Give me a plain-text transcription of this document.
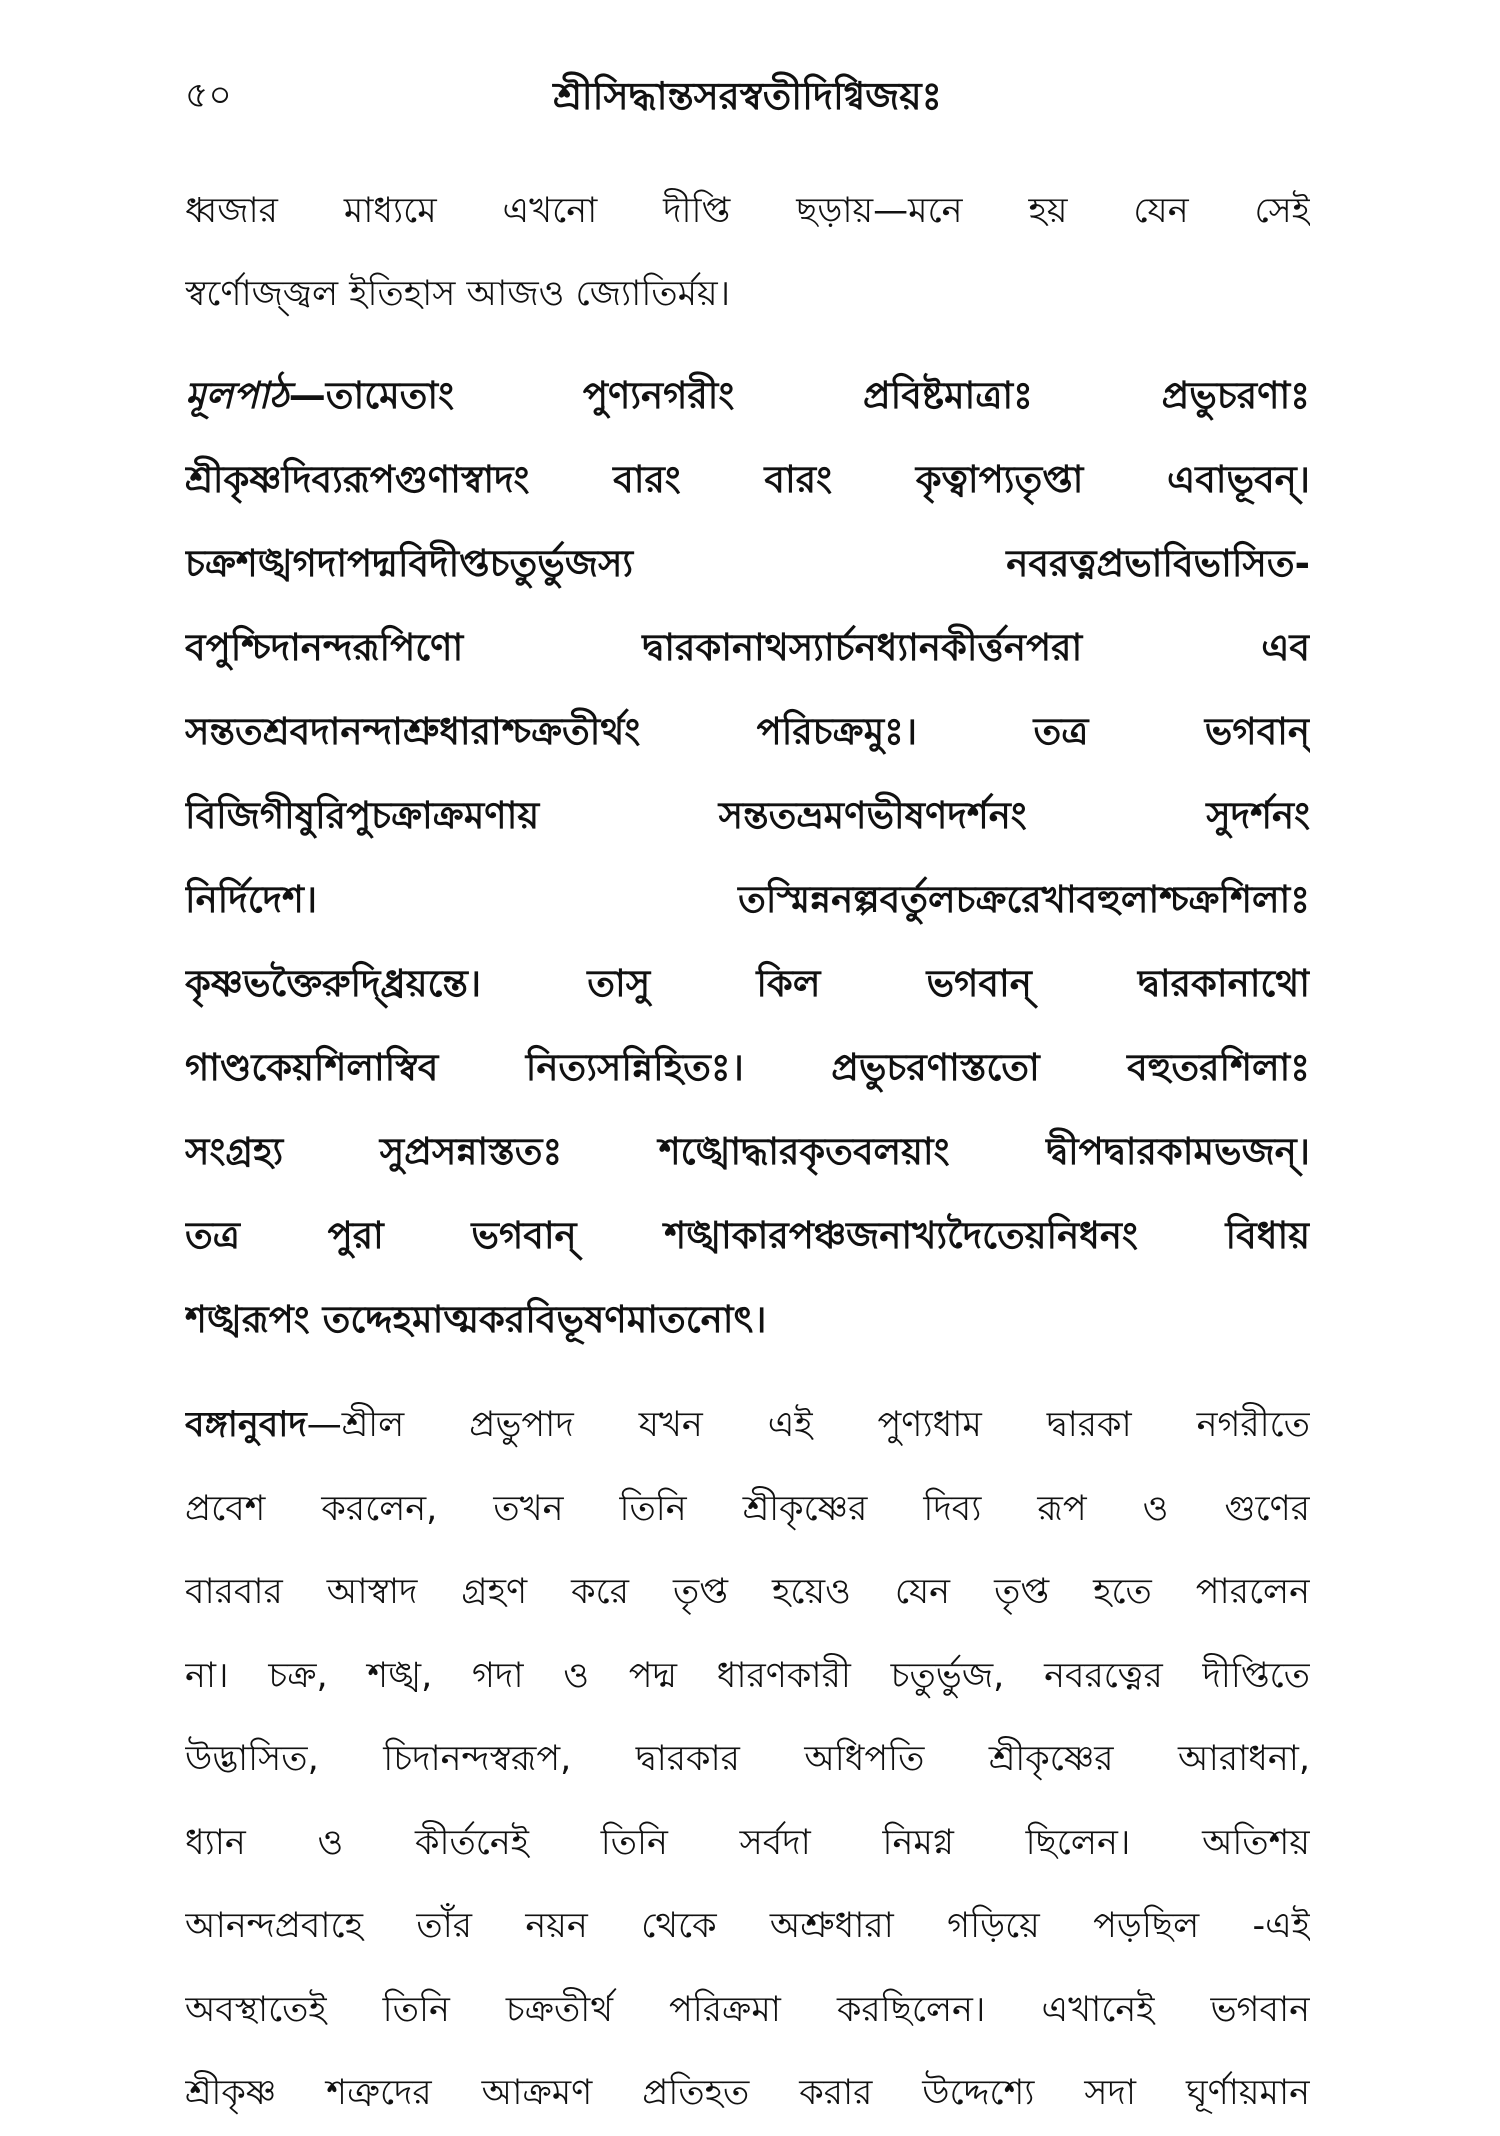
৫০	শ্রীসিদ্ধান্তসরস্বতীদিগ্বিজয়ঃ
ধ্বজার মাধ্যমে এখনো দীপ্তি ছড়ায়—মনে হয় যেন সেই
স্বর্ণোজ্জ্বল ইতিহাস আজও জ্যোতির্ময়।
মূলপাঠ—তামেতাং পুণ্যনগরীং প্রবিষ্টমাত্রাঃ প্রভুচরণাঃ
শ্রীকৃষ্ণদিব্যরূপগুণাস্বাদং বারং বারং কৃত্বাপ্যতৃপ্তা এবাভূবন্।
চক্রশঙ্খগদাপদ্মবিদীপ্তচতুর্ভুজস্য নবরত্নপ্রভাবিভাসিত-
বপুশ্চিদানন্দরূপিণো দ্বারকানাথস্যার্চনধ্যানকীর্ত্তনপরা এব
সন্ততশ্রবদানন্দাশ্রুধারাশ্চক্রতীর্থং পরিচক্রমুঃ। তত্র ভগবান্
বিজিগীষুরিপুচক্রাক্রমণায় সন্ততভ্রমণভীষণদর্শনং সুদর্শনং
নির্দিদেশ। তস্মিন্ননল্পবর্তুলচক্ররেখাবহুলাশ্চক্রশিলাঃ
কৃষ্ণভক্তৈরুদ্ধ্রিয়ন্তে। তাসু কিল ভগবান্ দ্বারকানাথো
গাণ্ডকেয়শিলাস্বিব নিত্যসন্নিহিতঃ। প্রভুচরণাস্ততো বহুতরশিলাঃ
সংগ্রহ্য সুপ্রসন্নাস্ততঃ শঙ্খোদ্ধারকৃতবলয়াং দ্বীপদ্বারকামভজন্।
তত্র পুরা ভগবান্ শঙ্খাকারপঞ্চজনাখ্যদৈতেয়নিধনং বিধায়
শঙ্খরূপং তদ্দেহমাত্মকরবিভূষণমাতনোৎ।
বঙ্গানুবাদ—শ্রীল প্রভুপাদ যখন এই পুণ্যধাম দ্বারকা নগরীতে
প্রবেশ করলেন, তখন তিনি শ্রীকৃষ্ণের দিব্য রূপ ও গুণের
বারবার আস্বাদ গ্রহণ করে তৃপ্ত হয়েও যেন তৃপ্ত হতে পারলেন
না। চক্র, শঙ্খ, গদা ও পদ্ম ধারণকারী চতুর্ভুজ, নবরত্নের দীপ্তিতে
উদ্ভাসিত, চিদানন্দস্বরূপ, দ্বারকার অধিপতি শ্রীকৃষ্ণের আরাধনা,
ধ্যান ও কীর্তনেই তিনি সর্বদা নিমগ্ন ছিলেন। অতিশয়
আনন্দপ্রবাহে তাঁর নয়ন থেকে অশ্রুধারা গড়িয়ে পড়ছিল -এই
অবস্থাতেই তিনি চক্রতীর্থ পরিক্রমা করছিলেন। এখানেই ভগবান
শ্রীকৃষ্ণ শত্রুদের আক্রমণ প্রতিহত করার উদ্দেশ্যে সদা ঘূর্ণায়মান
